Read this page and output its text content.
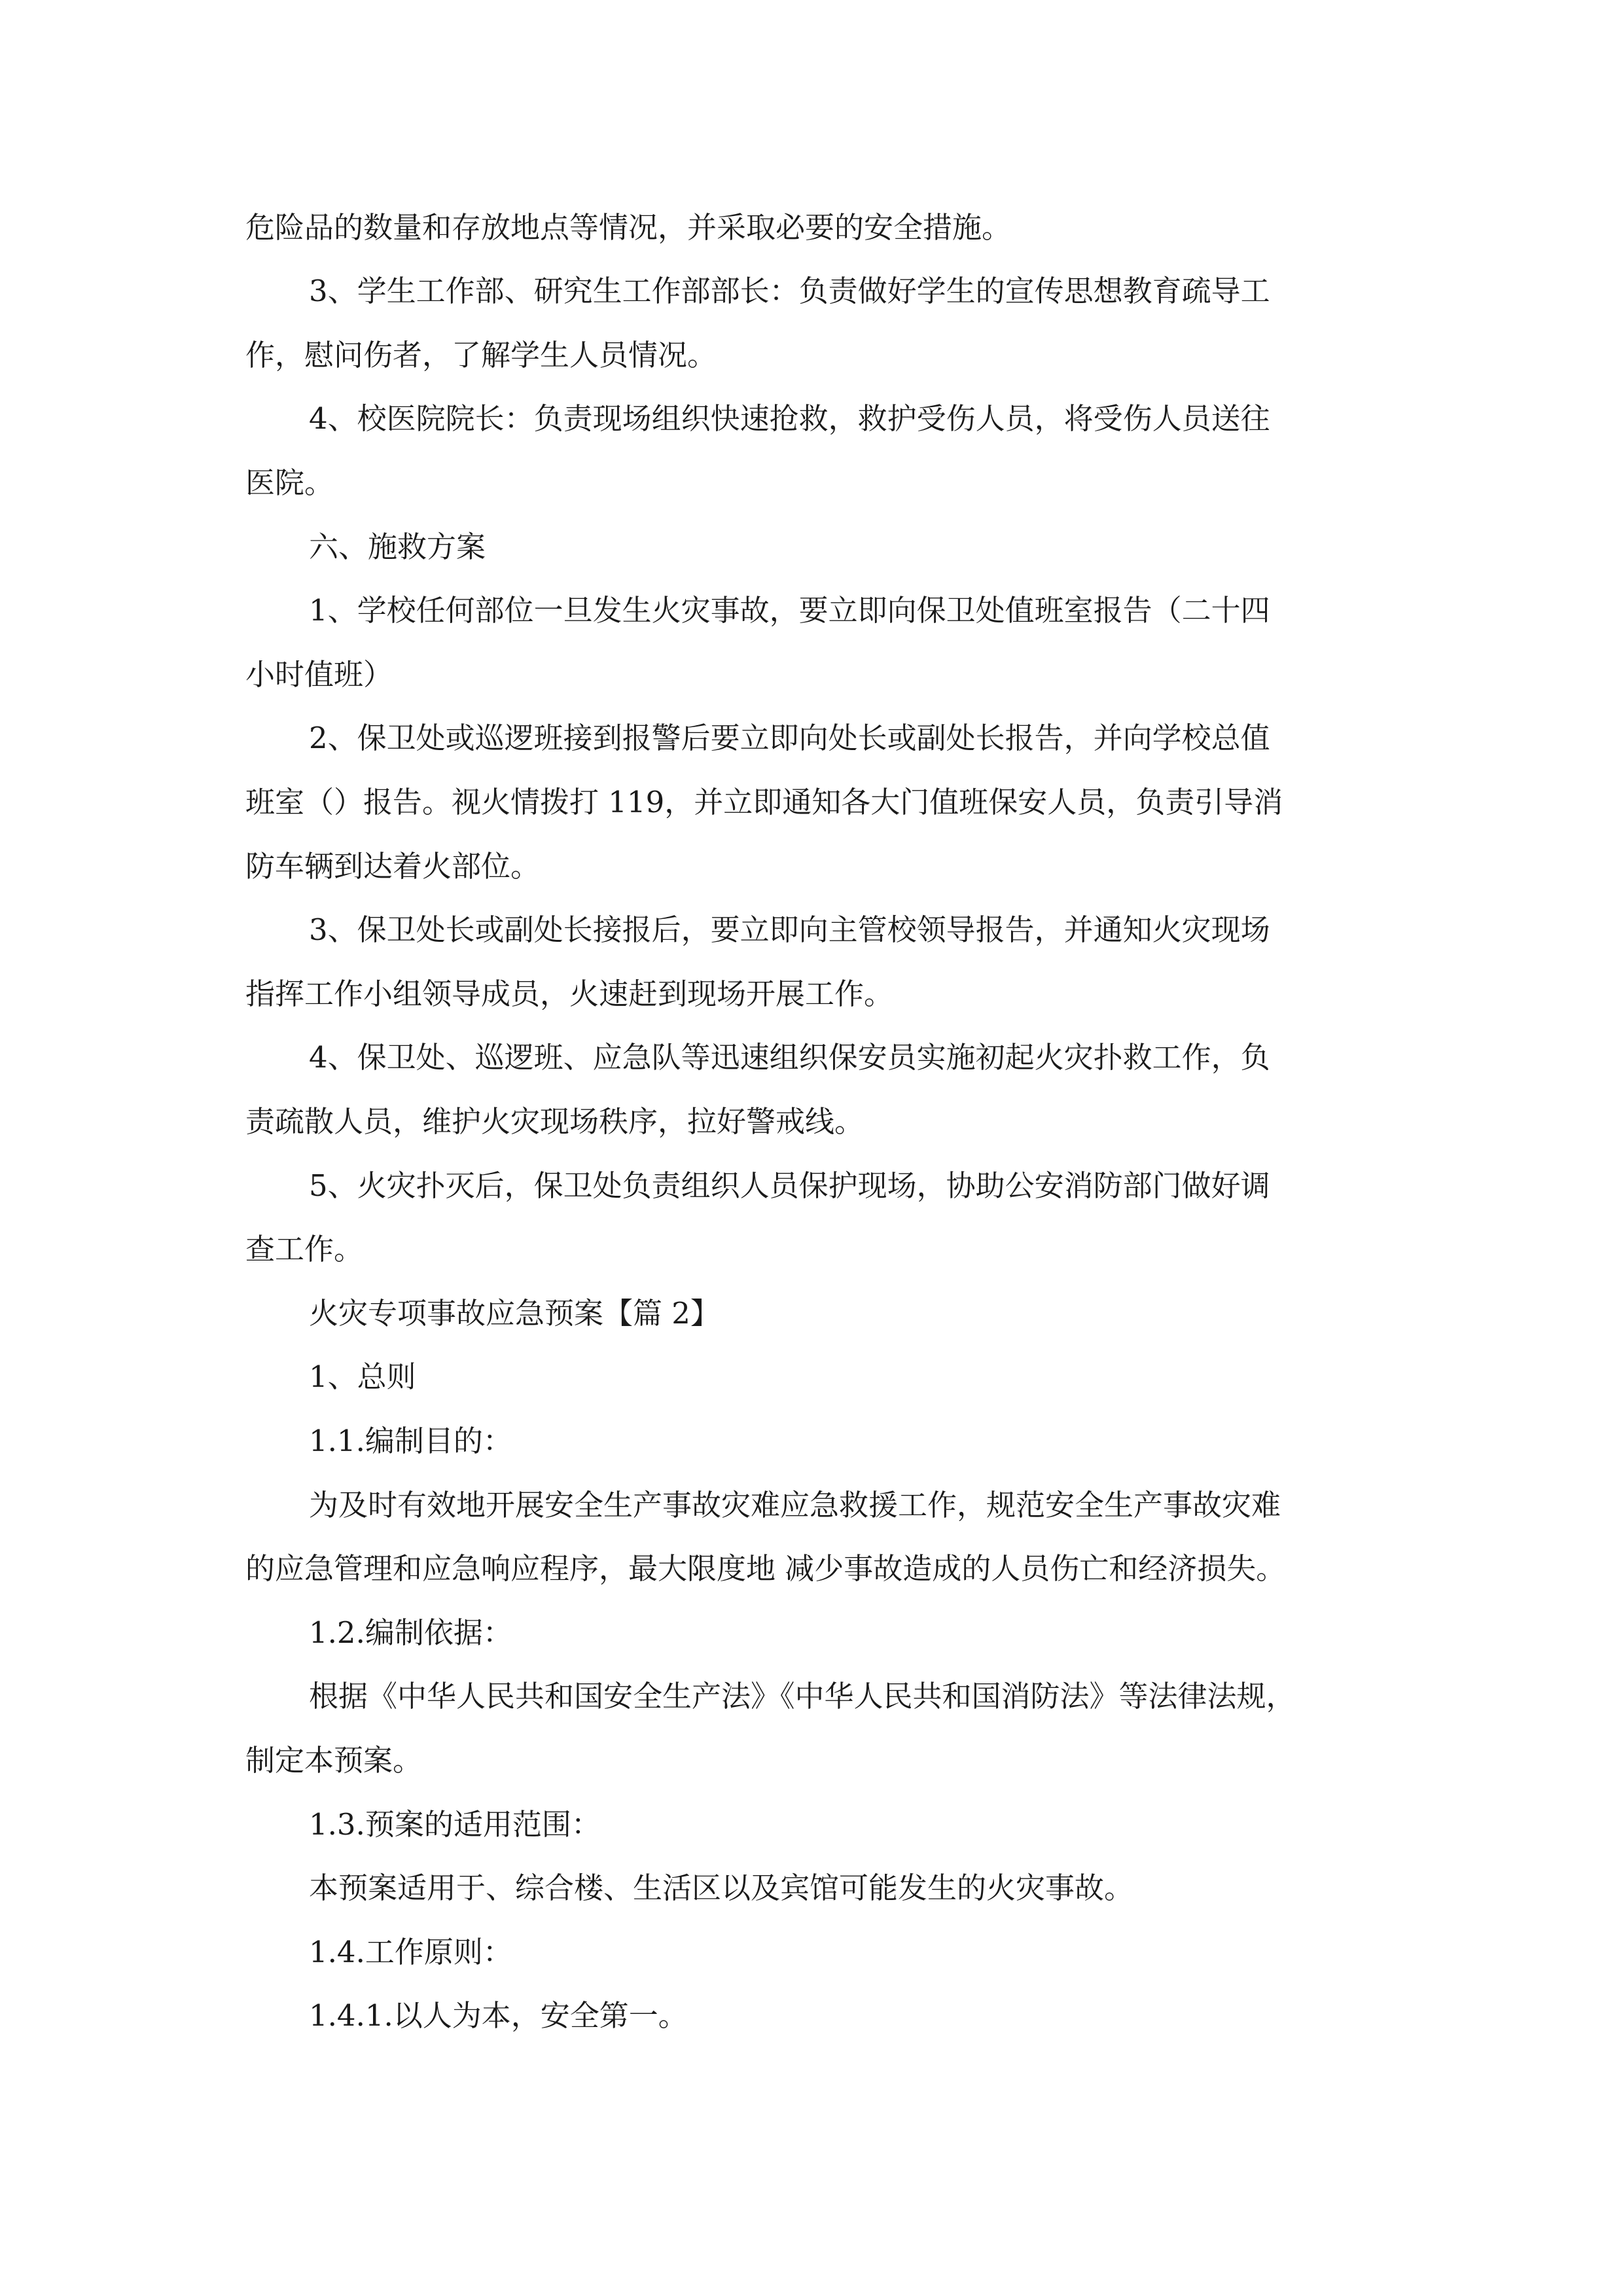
危险品的数量和存放地点等情况，并采取必要的安全措施。
3、学生工作部、研究生工作部部长：负责做好学生的宣传思想教育疏导工
作，慰问伤者，了解学生人员情况。
4、校医院院长：负责现场组织快速抢救，救护受伤人员，将受伤人员送往
医院。
六、施救方案
1、学校任何部位一旦发生火灾事故，要立即向保卫处值班室报告（二十四
小时值班）
2、保卫处或巡逻班接到报警后要立即向处长或副处长报告，并向学校总值
班室（）报告。视火情拨打 119，并立即通知各大门值班保安人员，负责引导消
防车辆到达着火部位。
3、保卫处长或副处长接报后，要立即向主管校领导报告，并通知火灾现场
指挥工作小组领导成员，火速赶到现场开展工作。
4、保卫处、巡逻班、应急队等迅速组织保安员实施初起火灾扑救工作，负
责疏散人员，维护火灾现场秩序，拉好警戒线。
5、火灾扑灭后，保卫处负责组织人员保护现场，协助公安消防部门做好调
查工作。
火灾专项事故应急预案【篇 2】
1、总则
1.1.编制目的：
为及时有效地开展安全生产事故灾难应急救援工作，规范安全生产事故灾难
的应急管理和应急响应程序，最大限度地 减少事故造成的人员伤亡和经济损失。
1.2.编制依据：
根据《中华人民共和国安全生产法》《中华人民共和国消防法》等法律法规，
制定本预案。
1.3.预案的适用范围：
本预案适用于、综合楼、生活区以及宾馆可能发生的火灾事故。
1.4.工作原则：
1.4.1.以人为本，安全第一。
